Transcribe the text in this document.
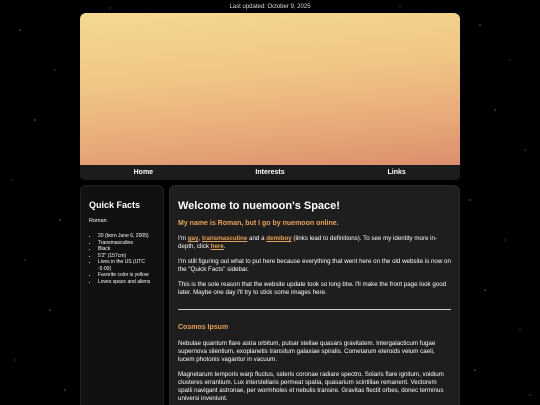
Last updated: October 9, 2025
Home	Interests	Links
Quick Facts
Roman
• 20 (born June 6, 2005)
• Transmasculine
• Black
• 5'2" (157cm)
• Lives in the US (UTC -5:00)
• Favorite color is yellow
• Loves space and aliens
Welcome to nuemoon's Space!
My name is Roman, but I go by nuemoon online.

I'm gay, transmasculine and a demiboy (links lead to definitions). To see my identity more in-depth, click here.

I'm still figuring out what to put here because everything that went here on the old website is now on the "Quick Facts" sidebar.

This is the sole reason that the website update took so long btw. I'll make the front page look good later. Maybe one day I'll try to stick some images here.

Cosmos Ipsum

Nebulae quantum flare astra orbitum, pulsar stellae quasars gravitatem. Intergalacticum fugae supernova silentium, exoplanetis transitum galaxiae spiralis. Cometarum eteroids velum caeli, lucem photonis vagantur in vacuum.

Magnetarum temporis warp fluctus, sideris coronae radiare spectro. Solaris flare ignitum, voidium clusteres errantium. Lux interstellaris permeat spatia, quasarium scintillae remanent. Vectorem spatii navigant astronae, per wormholes et nebulis transire. Gravitas flectit orbes, donec terminus universi inveniunt.
